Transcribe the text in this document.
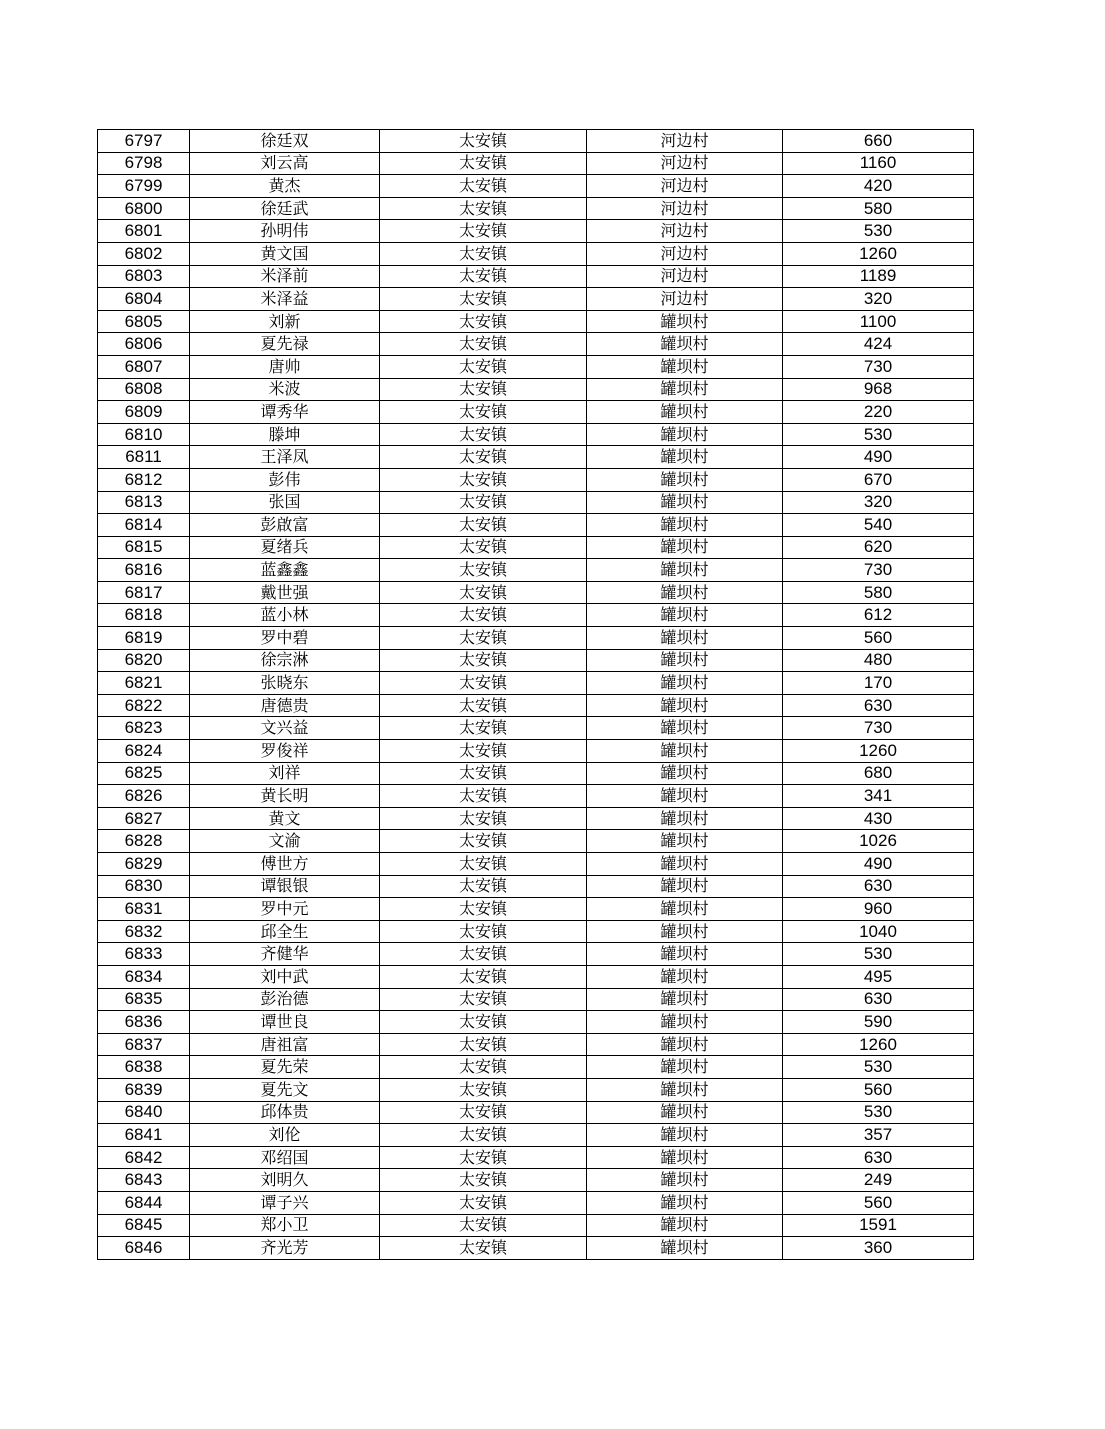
6797	徐廷双	太安镇	河边村	660
6798	刘云高	太安镇	河边村	1160
6799	黄杰	太安镇	河边村	420
6800	徐廷武	太安镇	河边村	580
6801	孙明伟	太安镇	河边村	530
6802	黄文国	太安镇	河边村	1260
6803	米泽前	太安镇	河边村	1189
6804	米泽益	太安镇	河边村	320
6805	刘新	太安镇	罐坝村	1100
6806	夏先禄	太安镇	罐坝村	424
6807	唐帅	太安镇	罐坝村	730
6808	米波	太安镇	罐坝村	968
6809	谭秀华	太安镇	罐坝村	220
6810	滕坤	太安镇	罐坝村	530
6811	王泽凤	太安镇	罐坝村	490
6812	彭伟	太安镇	罐坝村	670
6813	张国	太安镇	罐坝村	320
6814	彭啟富	太安镇	罐坝村	540
6815	夏绪兵	太安镇	罐坝村	620
6816	蓝鑫鑫	太安镇	罐坝村	730
6817	戴世强	太安镇	罐坝村	580
6818	蓝小林	太安镇	罐坝村	612
6819	罗中碧	太安镇	罐坝村	560
6820	徐宗淋	太安镇	罐坝村	480
6821	张晓东	太安镇	罐坝村	170
6822	唐德贵	太安镇	罐坝村	630
6823	文兴益	太安镇	罐坝村	730
6824	罗俊祥	太安镇	罐坝村	1260
6825	刘祥	太安镇	罐坝村	680
6826	黄长明	太安镇	罐坝村	341
6827	黄文	太安镇	罐坝村	430
6828	文渝	太安镇	罐坝村	1026
6829	傅世方	太安镇	罐坝村	490
6830	谭银银	太安镇	罐坝村	630
6831	罗中元	太安镇	罐坝村	960
6832	邱全生	太安镇	罐坝村	1040
6833	齐健华	太安镇	罐坝村	530
6834	刘中武	太安镇	罐坝村	495
6835	彭治德	太安镇	罐坝村	630
6836	谭世良	太安镇	罐坝村	590
6837	唐祖富	太安镇	罐坝村	1260
6838	夏先荣	太安镇	罐坝村	530
6839	夏先文	太安镇	罐坝村	560
6840	邱体贵	太安镇	罐坝村	530
6841	刘伦	太安镇	罐坝村	357
6842	邓绍国	太安镇	罐坝村	630
6843	刘明久	太安镇	罐坝村	249
6844	谭子兴	太安镇	罐坝村	560
6845	郑小卫	太安镇	罐坝村	1591
6846	齐光芳	太安镇	罐坝村	360
